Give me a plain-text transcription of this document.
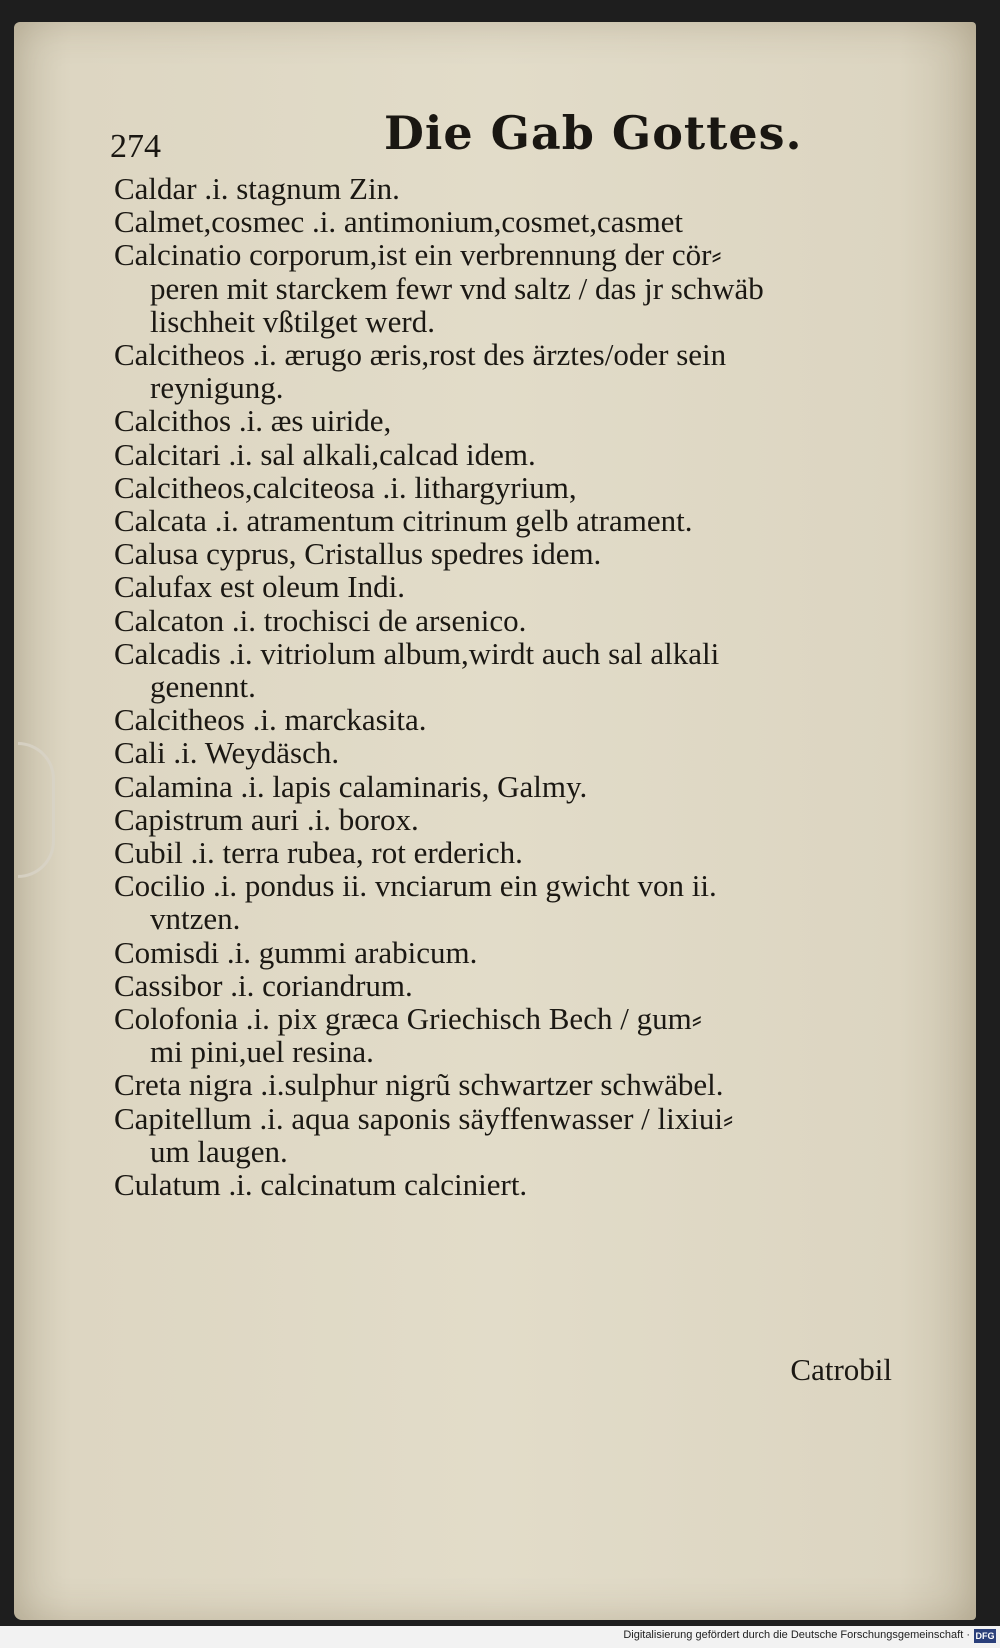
274	Die Gab Gottes.

Caldar .i. stagnum Zin.

Calmet,cosmec .i. antimonium,cosmet,casmet

Calcinatio corporum,ist ein verbrennung der cör⸗
peren mit starckem fewr vnd saltz / das jr schwäb
lischheit vßtilget werd.

Calcitheos .i. ærugo æris,rost des ärztes/oder sein
reynigung.

Calcithos .i. æs uiride,

Calcitari .i. sal alkali,calcad idem.

Calcitheos,calciteosa .i. lithargyrium,

Calcata .i. atramentum citrinum gelb atrament.

Calusa cyprus, Cristallus spedres idem.

Calufax est oleum Indi.

Calcaton .i. trochisci de arsenico.

Calcadis .i. vitriolum album,wirdt auch sal alkali
genennt.

Calcitheos .i. marckasita.

Cali .i. Weydäsch.

Calamina .i. lapis calaminaris, Galmy.

Capistrum auri .i. borox.

Cubil .i. terra rubea, rot erderich.

Cocilio .i. pondus ii. vnciarum ein gwicht von ii.
vntzen.

Comisdi .i. gummi arabicum.

Cassibor .i. coriandrum.

Colofonia .i. pix græca Griechisch Bech / gum⸗
mi pini,uel resina.

Creta nigra .i.sulphur nigrũ schwartzer schwäbel.

Capitellum .i. aqua saponis säyffenwasser / lixiui⸗
um laugen.

Culatum .i. calcinatum calciniert.

Catrobil
Digitalisierung gefördert durch die Deutsche Forschungsgemeinschaft · DFG
